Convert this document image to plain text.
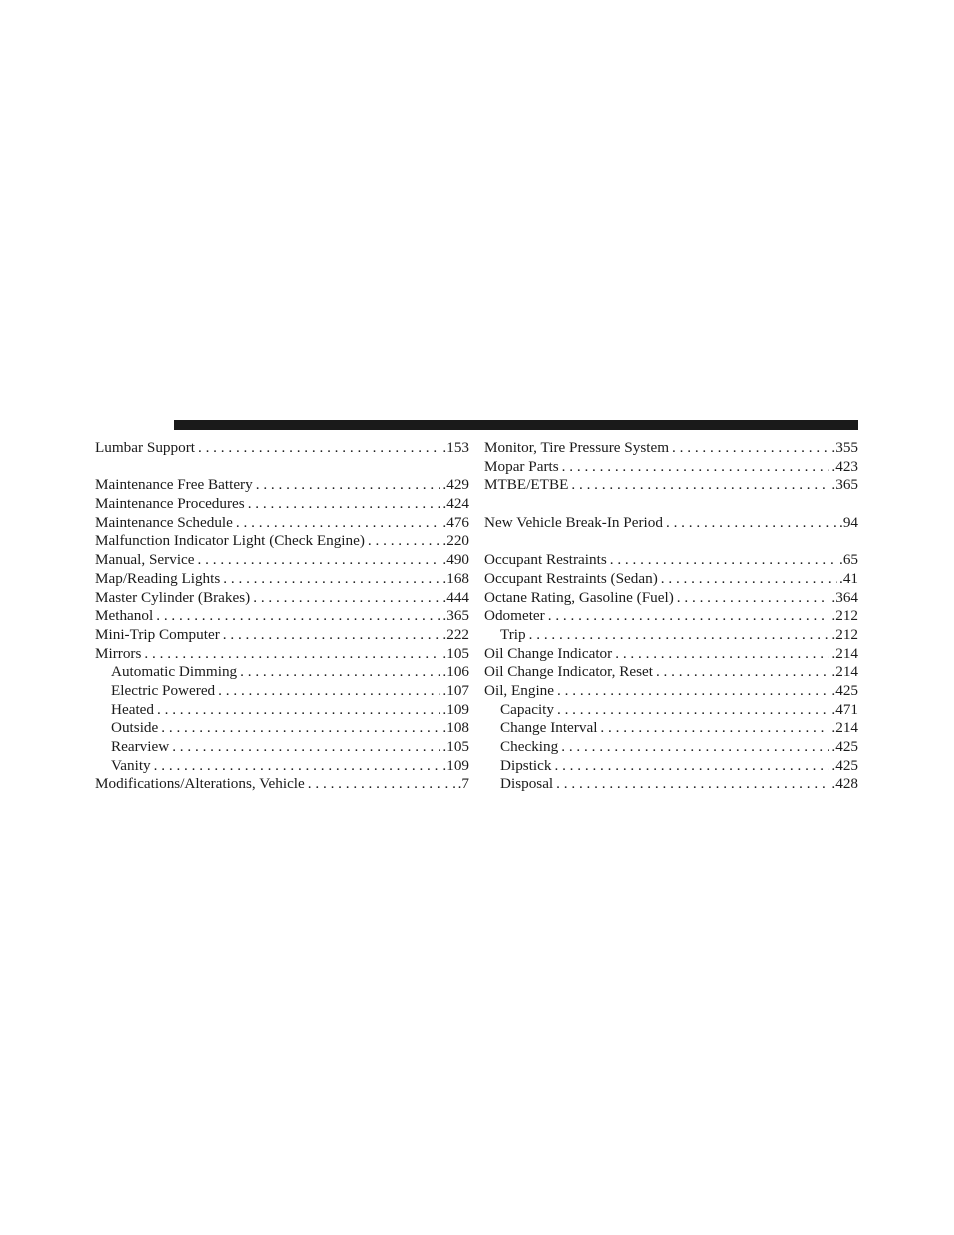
Lumbar Support . . .	.153
Maintenance Free Battery . . .	.429
Maintenance Procedures . . .	.424
Maintenance Schedule . . .	.476
Malfunction Indicator Light (Check Engine) . . .	.220
Manual, Service . . .	.490
Map/Reading Lights . . .	.168
Master Cylinder (Brakes) . . .	.444
Methanol . . .	.365
Mini-Trip Computer . . .	.222
Mirrors . . .	.105
Automatic Dimming . . .	.106
Electric Powered . . .	.107
Heated . . .	.109
Outside . . .	.108
Rearview . . .	.105
Vanity . . .	.109
Modifications/Alterations, Vehicle . . .	.7
Monitor, Tire Pressure System . . .	.355
Mopar Parts . . .	.423
MTBE/ETBE . . .	.365
New Vehicle Break-In Period . . .	.94
Occupant Restraints . . .	.65
Occupant Restraints (Sedan) . . .	.41
Octane Rating, Gasoline (Fuel) . . .	.364
Odometer . . .	.212
Trip . . .	.212
Oil Change Indicator . . .	.214
Oil Change Indicator, Reset . . .	.214
Oil, Engine . . .	.425
Capacity . . .	.471
Change Interval . . .	.214
Checking . . .	.425
Dipstick . . .	.425
Disposal . . .	.428
